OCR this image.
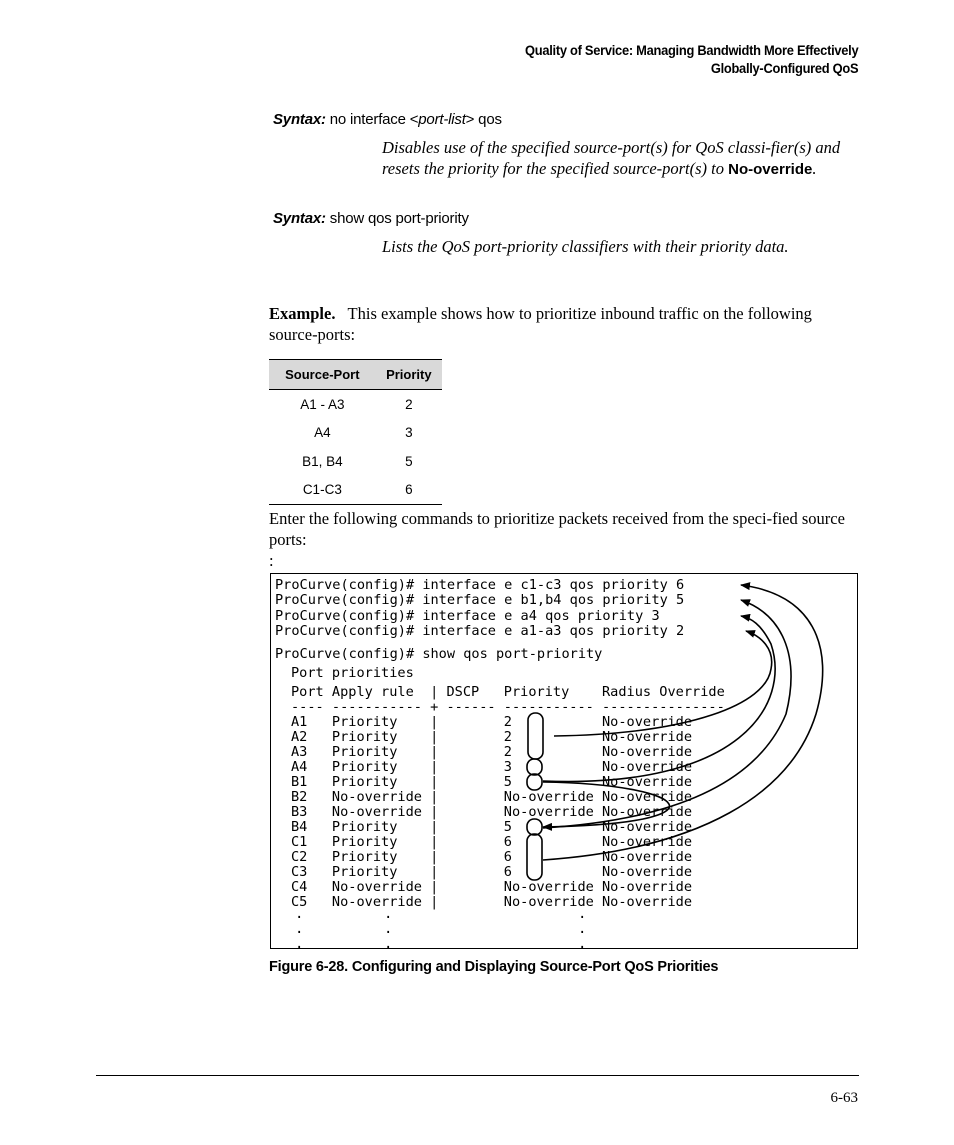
Quality of Service: Managing Bandwidth More Effectively
Globally-Configured QoS
Syntax: no interface <port-list> qos
Disables use of the specified source-port(s) for QoS classi-fier(s) and resets the priority for the specified source-port(s) to No-override.
Syntax: show qos port-priority
Lists the QoS port-priority classifiers with their priority data.
Example. This example shows how to prioritize inbound traffic on the following source-ports:
Source-Port	Priority
A1 - A3	2
A4	3
B1, B4	5
C1-C3	6
Enter the following commands to prioritize packets received from the speci-fied source ports:
:
ProCurve(config)# interface e c1-c3 qos priority 6
ProCurve(config)# interface e b1,b4 qos priority 5
ProCurve(config)# interface e a4 qos priority 3
ProCurve(config)# interface e a1-a3 qos priority 2
ProCurve(config)# show qos port-priority
Port priorities
Port Apply rule  | DSCP   Priority    Radius Override
---- ----------- + ------ ----------- ---------------
A1   Priority    |        2           No-override
A2   Priority    |        2           No-override
A3   Priority    |        2           No-override
A4   Priority    |        3           No-override
B1   Priority    |        5           No-override
B2   No-override |        No-override No-override
B3   No-override |        No-override No-override
B4   Priority    |        5           No-override
C1   Priority    |        6           No-override
C2   Priority    |        6           No-override
C3   Priority    |        6           No-override
C4   No-override |        No-override No-override
C5   No-override |        No-override No-override
·
·
·
·
·
·
·
·
·
Figure 6-28. Configuring and Displaying Source-Port QoS Priorities
6-63
